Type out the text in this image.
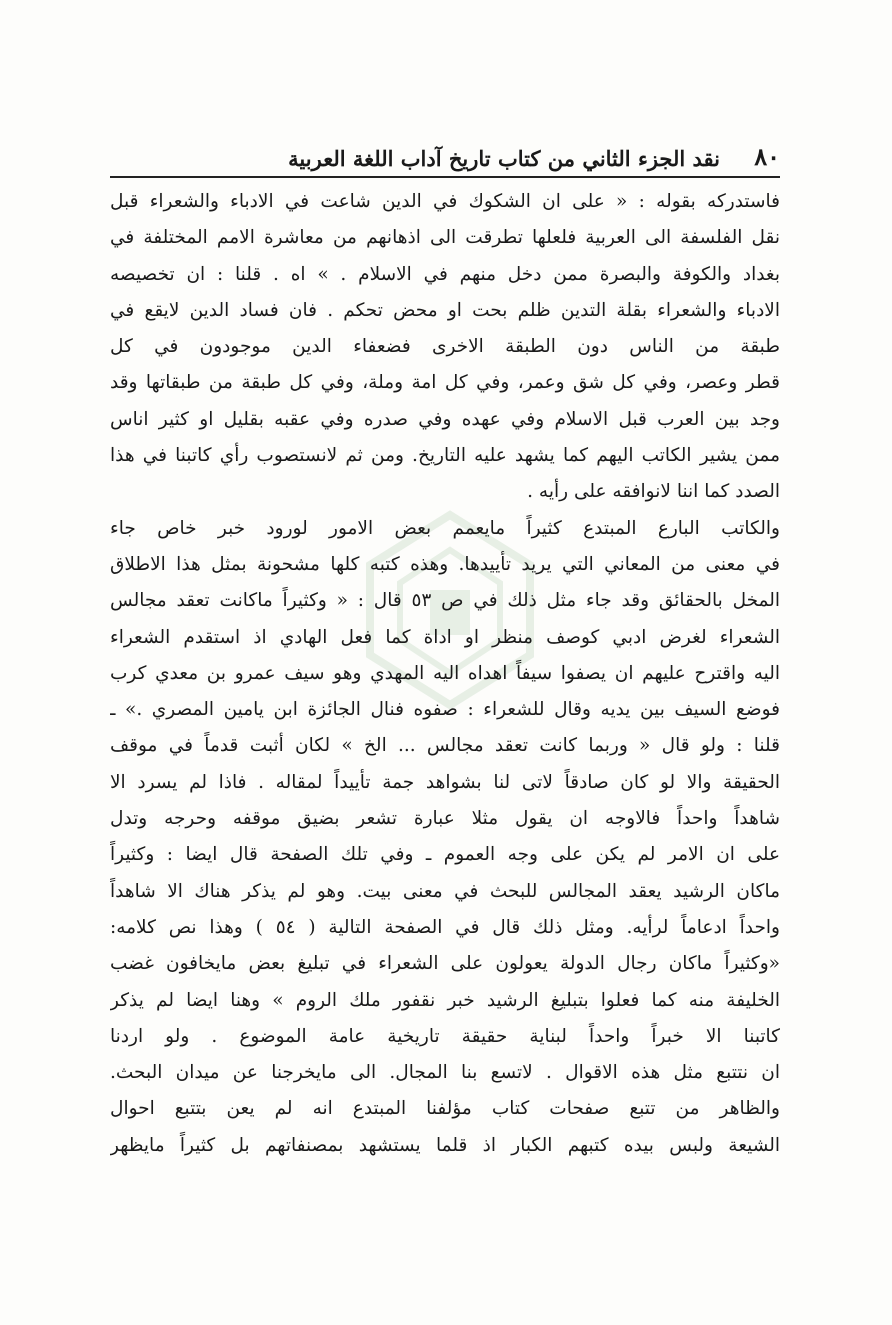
٨٠
نقد الجزء الثاني من كتاب تاريخ آداب اللغة العربية
فاستدرکه بقوله : « على ان الشكوك في الدين شاعت في الادباء والشعراء قبل
نقل الفلسفة الى العربية فلعلها تطرقت الى اذهانهم من معاشرة الامم المختلفة في
بغداد والكوفة والبصرة ممن دخل منهم في الاسلام . » اه . قلنا : ان تخصيصه
الادباء والشعراء بقلة التدين ظلم بحت او محض تحكم . فان فساد الدين لايقع في
طبقة من الناس دون الطبقة الاخرى فضعفاء الدين موجودون في كل
قطر وعصر، وفي كل شق وعمر، وفي كل امة وملة، وفي كل طبقة من طبقاتها وقد
وجد بين العرب قبل الاسلام وفي عهده وفي صدره وفي عقبه بقليل او كثير اناس
ممن يشير الكاتب اليهم كما يشهد عليه التاريخ. ومن ثم لانستصوب رأي كاتبنا في هذا
الصدد كما اننا لانوافقه على رأيه .
والكاتب البارع المبتدع كثيراً مايعمم بعض الامور لورود خبر خاص جاء
في معنى من المعاني التي يريد تأييدها. وهذه كتبه كلها مشحونة بمثل هذا الاطلاق
المخل بالحقائق وقد جاء مثل ذلك في ص ٥٣ قال : « وكثيراً ماكانت تعقد مجالس
الشعراء لغرض ادبي كوصف منظر او اداة كما فعل الهادي اذ استقدم الشعراء
اليه واقترح عليهم ان يصفوا سيفاً اهداه اليه المهدي وهو سيف عمرو بن معدي كرب
فوضع السيف بين يديه وقال للشعراء : صفوه فنال الجائزة ابن يامين المصري .» ـ
قلنا : ولو قال « وربما كانت تعقد مجالس ... الخ » لكان أثبت قدماً في موقف
الحقيقة والا لو كان صادقاً لاتى لنا بشواهد جمة تأييداً لمقاله . فاذا لم يسرد الا
شاهداً واحداً فالاوجه ان يقول مثلا عبارة تشعر بضيق موقفه وحرجه وتدل
على ان الامر لم يكن على وجه العموم ـ وفي تلك الصفحة قال ايضا : وكثيراً
ماكان الرشيد يعقد المجالس للبحث في معنى بيت. وهو لم يذكر هناك الا شاهداً
واحداً ادعاماً لرأيه. ومثل ذلك قال في الصفحة التالية ( ٥٤ ) وهذا نص كلامه:
«وكثيراً ماكان رجال الدولة يعولون على الشعراء في تبليغ بعض مايخافون غضب
الخليفة منه كما فعلوا بتبليغ الرشيد خبر نقفور ملك الروم » وهنا ايضا لم يذكر
كاتبنا الا خبراً واحداً لبناية حقيقة تاريخية عامة الموضوع . ولو اردنا
ان نتتبع مثل هذه الاقوال . لاتسع بنا المجال. الى مايخرجنا عن ميدان البحث.
والظاهر من تتبع صفحات كتاب مؤلفنا المبتدع انه لم يعن بتتبع احوال
الشيعة ولبس بيده كتبهم الكبار اذ قلما يستشهد بمصنفاتهم بل كثيراً مايظهر
